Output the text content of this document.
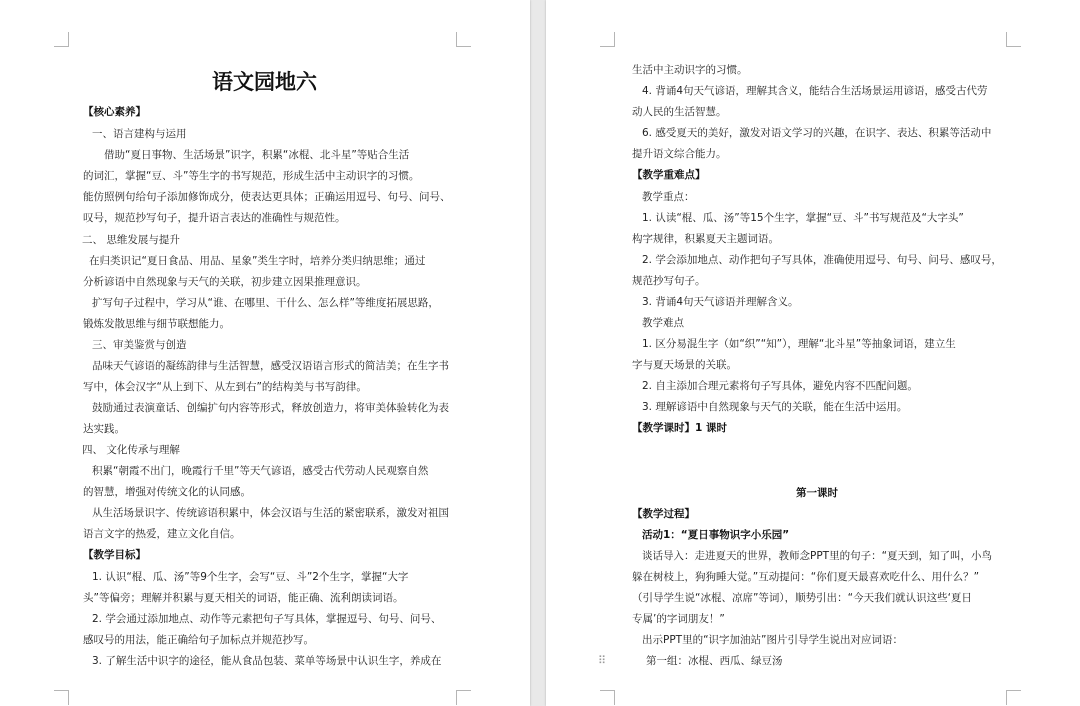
语文园地六
【核心素养】
一、语言建构与运用
借助“夏日事物、生活场景”识字，积累“冰棍、北斗星”等贴合生活
的词汇，掌握“豆、斗”等生字的书写规范，形成生活中主动识字的习惯。
能仿照例句给句子添加修饰成分，使表达更具体；正确运用逗号、句号、问号、
叹号，规范抄写句子，提升语言表达的准确性与规范性。
二、 思维发展与提升
在归类识记“夏日食品、用品、星象”类生字时，培养分类归纳思维；通过
分析谚语中自然现象与天气的关联，初步建立因果推理意识。
扩写句子过程中，学习从“谁、在哪里、干什么、怎么样”等维度拓展思路，
锻炼发散思维与细节联想能力。
三、审美鉴赏与创造
品味天气谚语的凝练韵律与生活智慧，感受汉语语言形式的简洁美；在生字书
写中，体会汉字“从上到下、从左到右”的结构美与书写韵律。
鼓励通过表演童话、创编扩句内容等形式，释放创造力，将审美体验转化为表
达实践。
四、 文化传承与理解
积累“朝霞不出门，晚霞行千里”等天气谚语，感受古代劳动人民观察自然
的智慧，增强对传统文化的认同感。
从生活场景识字、传统谚语积累中，体会汉语与生活的紧密联系，激发对祖国
语言文字的热爱，建立文化自信。
【教学目标】
1. 认识“棍、瓜、汤”等9个生字，会写“豆、斗”2个生字，掌握“大字
头”等偏旁；理解并积累与夏天相关的词语，能正确、流利朗读词语。
2. 学会通过添加地点、动作等元素把句子写具体，掌握逗号、句号、问号、
感叹号的用法，能正确给句子加标点并规范抄写。
3. 了解生活中识字的途径，能从食品包装、菜单等场景中认识生字，养成在
生活中主动识字的习惯。
4. 背诵4句天气谚语，理解其含义，能结合生活场景运用谚语，感受古代劳
动人民的生活智慧。
6. 感受夏天的美好，激发对语文学习的兴趣，在识字、表达、积累等活动中
提升语文综合能力。
【教学重难点】
教学重点：
1. 认读“棍、瓜、汤”等15个生字，掌握“豆、斗”书写规范及“大字头”
构字规律，积累夏天主题词语。
2. 学会添加地点、动作把句子写具体，准确使用逗号、句号、问号、感叹号，
规范抄写句子。
3. 背诵4句天气谚语并理解含义。
教学难点
1. 区分易混生字（如“织”“知”），理解“北斗星”等抽象词语，建立生
字与夏天场景的关联。
2. 自主添加合理元素将句子写具体，避免内容不匹配问题。
3. 理解谚语中自然现象与天气的关联，能在生活中运用。
【教学课时】1 课时
第一课时
【教学过程】
活动1：“夏日事物识字小乐园”
谈话导入：走进夏天的世界，教师念PPT里的句子：“夏天到，知了叫，小鸟
躲在树枝上，狗狗睡大觉。”互动提问：“你们夏天最喜欢吃什么、用什么？”
（引导学生说“冰棍、凉席”等词），顺势引出：“今天我们就认识这些‘夏日
专属’的字词朋友！”
出示PPT里的“识字加油站”图片引导学生说出对应词语：
第一组：冰棍、西瓜、绿豆汤
⠿
